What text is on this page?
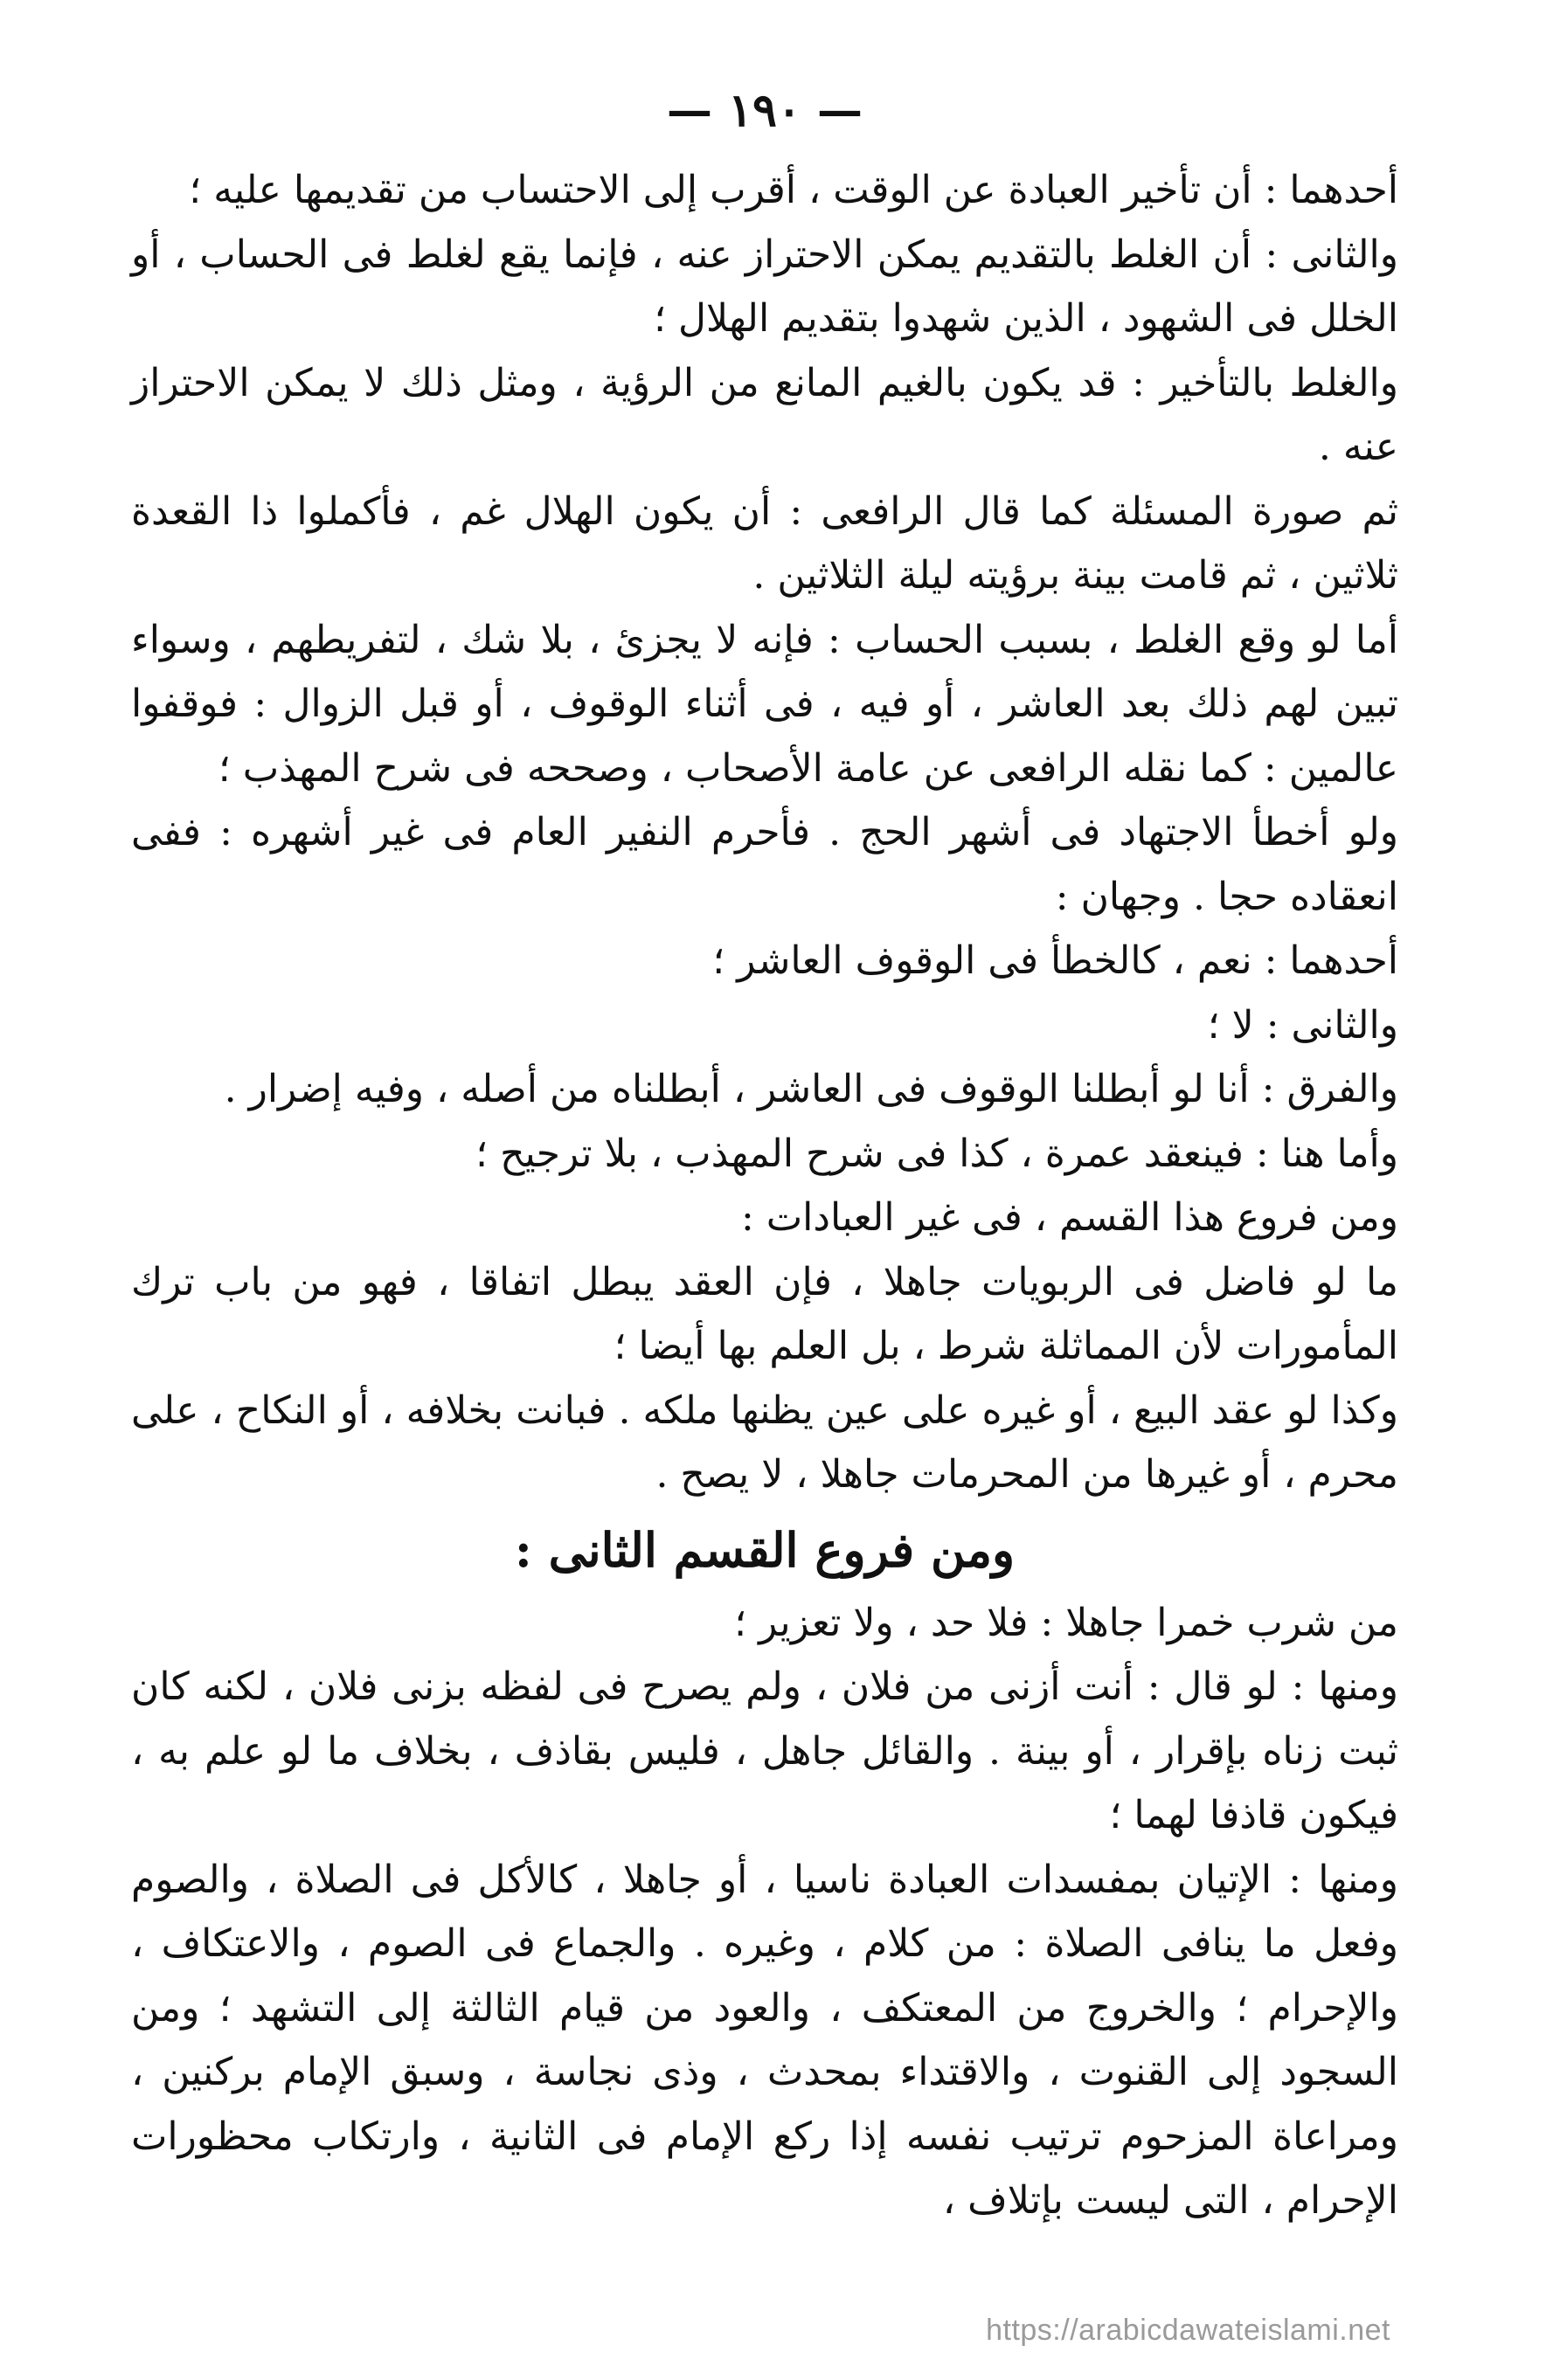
— ١٩٠ —

أحدهما : أن تأخير العبادة عن الوقت ، أقرب إلى الاحتساب من تقديمها عليه ؛

والثانى : أن الغلط بالتقديم يمكن الاحتراز عنه ، فإنما يقع لغلط فى الحساب ، أو الخلل فى الشهود ، الذين شهدوا بتقديم الهلال ؛

والغلط بالتأخير : قد يكون بالغيم المانع من الرؤية ، ومثل ذلك لا يمكن الاحتراز عنه .

ثم صورة المسئلة كما قال الرافعى : أن يكون الهلال غم ، فأكملوا ذا القعدة ثلاثين ، ثم قامت بينة برؤيته ليلة الثلاثين .

أما لو وقع الغلط ، بسبب الحساب : فإنه لا يجزئ ، بلا شك ، لتفريطهم ، وسواء تبين لهم ذلك بعد العاشر ، أو فيه ، فى أثناء الوقوف ، أو قبل الزوال : فوقفوا عالمين : كما نقله الرافعى عن عامة الأصحاب ، وصححه فى شرح المهذب ؛

ولو أخطأ الاجتهاد فى أشهر الحج . فأحرم النفير العام فى غير أشهره : ففى انعقاده حجا . وجهان :

أحدهما : نعم ، كالخطأ فى الوقوف العاشر ؛

والثانى : لا ؛

والفرق : أنا لو أبطلنا الوقوف فى العاشر ، أبطلناه من أصله ، وفيه إضرار .

وأما هنا : فينعقد عمرة ، كذا فى شرح المهذب ، بلا ترجيح ؛

ومن فروع هذا القسم ، فى غير العبادات :

ما لو فاضل فى الربويات جاهلا ، فإن العقد يبطل اتفاقا ، فهو من باب ترك المأمورات لأن المماثلة شرط ، بل العلم بها أيضا ؛

وكذا لو عقد البيع ، أو غيره على عين يظنها ملكه . فبانت بخلافه ، أو النكاح ، على محرم ، أو غيرها من المحرمات جاهلا ، لا يصح .

ومن فروع القسم الثانى :

من شرب خمرا جاهلا : فلا حد ، ولا تعزير ؛

ومنها : لو قال : أنت أزنى من فلان ، ولم يصرح فى لفظه بزنى فلان ، لكنه كان ثبت زناه بإقرار ، أو بينة . والقائل جاهل ، فليس بقاذف ، بخلاف ما لو علم به ، فيكون قاذفا لهما ؛

ومنها : الإتيان بمفسدات العبادة ناسيا ، أو جاهلا ، كالأكل فى الصلاة ، والصوم وفعل ما ينافى الصلاة : من كلام ، وغيره . والجماع فى الصوم ، والاعتكاف ، والإحرام ؛ والخروج من المعتكف ، والعود من قيام الثالثة إلى التشهد ؛ ومن السجود إلى القنوت ، والاقتداء بمحدث ، وذى نجاسة ، وسبق الإمام بركنين ، ومراعاة المزحوم ترتيب نفسه إذا ركع الإمام فى الثانية ، وارتكاب محظورات الإحرام ، التى ليست بإتلاف ،

https://arabicdawateislami.net
